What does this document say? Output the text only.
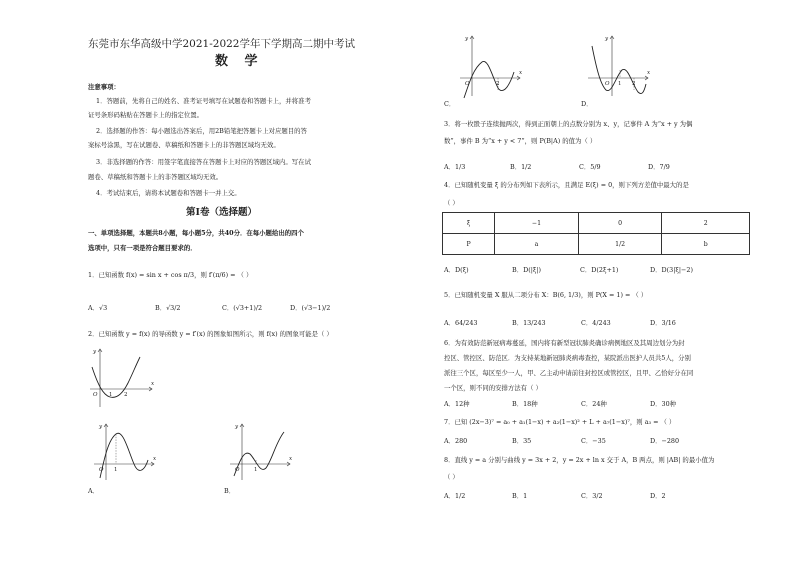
东莞市东华高级中学2021-2022学年下学期高二期中考试
数 学
注意事项：
1．答题前，先将自己的姓名、准考证号填写在试题卷和答题卡上，并将准考
证号条形码粘贴在答题卡上的指定位置。
2．选择题的作答：每小题选出答案后，用2B铅笔把答题卡上对应题目的答
案标号涂黑，写在试题卷、草稿纸和答题卡上的非答题区域均无效。
3．非选择题的作答：用签字笔直接答在答题卡上对应的答题区域内。写在试
题卷、草稿纸和答题卡上的非答题区域均无效。
4．考试结束后，请将本试题卷和答题卡一并上交。
第Ⅰ卷（选择题）
一、单项选择题，本题共8小题，每小题5分，共40分．在每小题给出的四个
选项中，只有一项是符合题目要求的．
1．已知函数 f(x) = sin x + cos π/3，则 f′(π/6) = （ ）
A．√3	B．√3/2	C．(√3+1)/2	D．(√3−1)/2
2．已知函数 y = f(x) 的导函数 y = f′(x) 的图象如图所示，则 f(x) 的图象可能是（ ）
y
x
O 1 2
y
x
O 1
A．
y
x
O	1
B．
y
x
O	2
C．
y
x
O 1 2
D．
3．将一枚骰子连续抛两次，得到正面朝上的点数分别为 x、y，记事件 A 为“x + y 为偶
数”，事件 B 为“x + y < 7”，则 P(B|A) 的值为（ ）
A．1/3	B．1/2	C．5/9	D．7/9
4．已知随机变量 ξ 的分布列如下表所示，且满足 E(ξ) = 0，则下列方差值中最大的是
（ ）
ξ	−1	0	2
P	a	1/2	b
A．D(ξ)	B．D(|ξ|)	C．D(2ξ+1)	D．D(3|ξ|−2)
5．已知随机变量 X 服从二项分布 X：B(6, 1/3)，则 P(X = 1) = （ ）
A．64/243	B．13/243	C．4/243	D．3/16
6．为有效防范新冠病毒蔓延，国内将有新型冠状肺炎确诊病例地区及其周边划分为封
控区、管控区、防范区．为支持某地新冠肺炎病毒查控，某院派出医护人员共5人，分别
派往三个区，每区至少一人，甲、乙主动申请前往封控区或管控区，且甲、乙恰好分在同
一个区，则不同的安排方法有（ ）
A．12种	B．18种	C．24种	D．30种
7．已知 (2x−3)⁷ = a₀ + a₁(1−x) + a₂(1−x)² + L + a₇(1−x)⁷，则 a₃ = （ ）
A．280	B．35	C．−35	D．−280
8．直线 y = a 分别与曲线 y = 3x + 2，y = 2x + ln x 交于 A，B 两点，则 |AB| 的最小值为
（ ）
A．1/2	B．1	C．3/2	D．2
